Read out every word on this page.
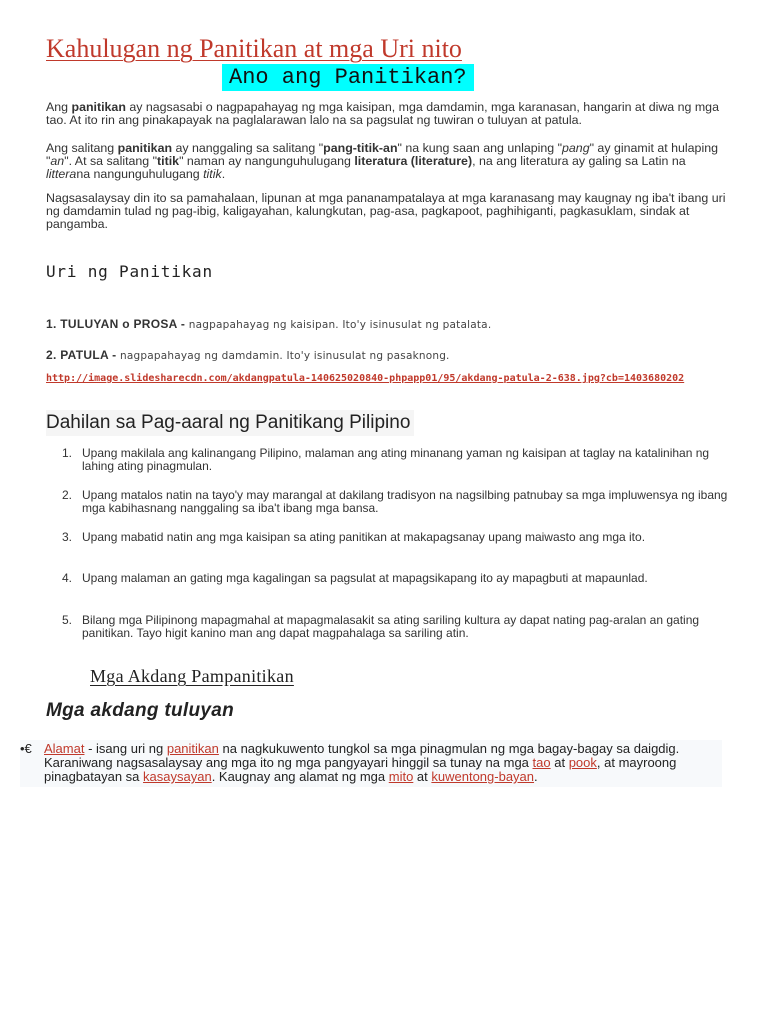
Kahulugan ng Panitikan at mga Uri nito
Ano ang Panitikan?

Ang panitikan ay nagsasabi o nagpapahayag ng mga kaisipan, mga damdamin, mga karanasan, hangarin at diwa ng mga tao. At ito rin ang pinakapayak na paglalarawan lalo na sa pagsulat ng tuwiran o tuluyan at patula.

Ang salitang panitikan ay nanggaling sa salitang "pang-titik-an" na kung saan ang unlaping "pang" ay ginamit at hulaping "an". At sa salitang "titik" naman ay nangunguhulugang literatura (literature), na ang literatura ay galing sa Latin na litterana nangunguhulugang titik.

Nagsasalaysay din ito sa pamahalaan, lipunan at mga pananampatalaya at mga karanasang may kaugnay ng iba't ibang uri ng damdamin tulad ng pag-ibig, kaligayahan, kalungkutan, pag-asa, pagkapoot, paghihiganti, pagkasuklam, sindak at pangamba.

Uri ng Panitikan

1. TULUYAN o PROSA - nagpapahayag ng kaisipan. Ito'y isinusulat ng patalata.

2. PATULA - nagpapahayag ng damdamin. Ito'y isinusulat ng pasaknong.

http://image.slidesharecdn.com/akdangpatula-140625020840-phpapp01/95/akdang-patula-2-638.jpg?cb=1403680202

Dahilan sa Pag-aaral ng Panitikang Pilipino
1. Upang makilala ang kalinangang Pilipino, malaman ang ating minanang yaman ng kaisipan at taglay na katalinihan ng lahing ating pinagmulan.
2. Upang matalos natin na tayo'y may marangal at dakilang tradisyon na nagsilbing patnubay sa mga impluwensya ng ibang mga kabihasnang nanggaling sa iba't ibang mga bansa.
3. Upang mabatid natin ang mga kaisipan sa ating panitikan at makapagsanay upang maiwasto ang mga ito.
4. Upang malaman an gating mga kagalingan sa pagsulat at mapagsikapang ito ay mapagbuti at mapaunlad.
5. Bilang mga Pilipinong mapagmahal at mapagmalasakit sa ating sariling kultura ay dapat nating pag-aralan an gating panitikan. Tayo higit kanino man ang dapat magpahalaga sa sariling atin.
Mga Akdang Pampanitikan
Mga akdang tuluyan
•€ Alamat - isang uri ng panitikan na nagkukuwento tungkol sa mga pinagmulan ng mga bagay-bagay sa daigdig. Karaniwang nagsasalaysay ang mga ito ng mga pangyayari hinggil sa tunay na mga tao at pook, at mayroong pinagbatayan sa kasaysayan. Kaugnay ang alamat ng mga mito at kuwentong-bayan.
